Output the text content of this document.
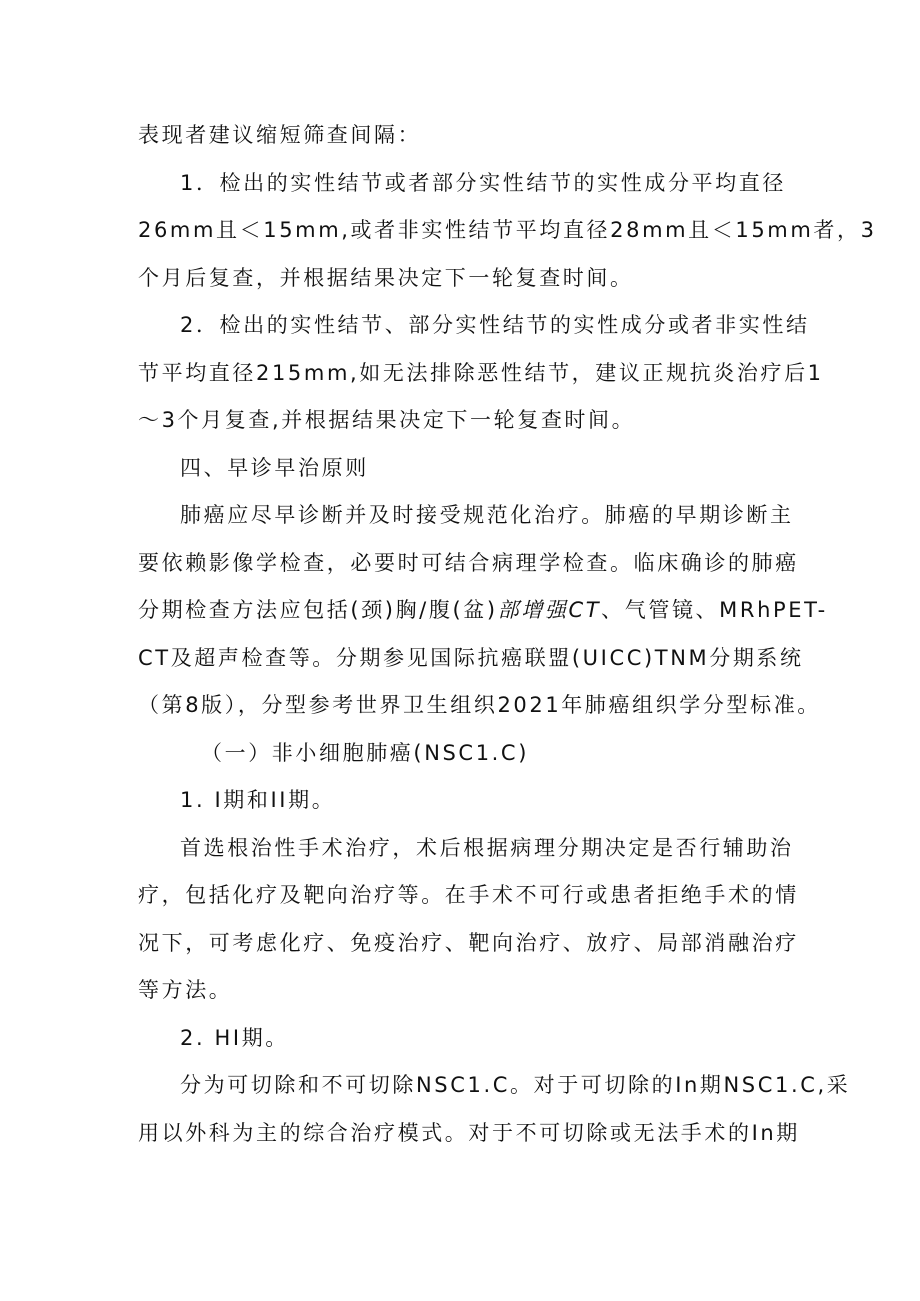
表现者建议缩短筛查间隔：
1．检出的实性结节或者部分实性结节的实性成分平均直径
26mm且＜15mm,或者非实性结节平均直径28mm且＜15mm者，3
个月后复查，并根据结果决定下一轮复查时间。
2．检出的实性结节、部分实性结节的实性成分或者非实性结
节平均直径215mm,如无法排除恶性结节，建议正规抗炎治疗后1
〜3个月复查,并根据结果决定下一轮复查时间。
四、早诊早治原则
肺癌应尽早诊断并及时接受规范化治疗。肺癌的早期诊断主
要依赖影像学检查，必要时可结合病理学检查。临床确诊的肺癌
分期检查方法应包括(颈)胸/腹(盆)部增强CT、气管镜、MRhPET-
CT及超声检查等。分期参见国际抗癌联盟(UICC)TNM分期系统
（第8版），分型参考世界卫生组织2021年肺癌组织学分型标准。
（一）非小细胞肺癌(NSC1.C)
1. I期和II期。
首选根治性手术治疗，术后根据病理分期决定是否行辅助治
疗，包括化疗及靶向治疗等。在手术不可行或患者拒绝手术的情
况下，可考虑化疗、免疫治疗、靶向治疗、放疗、局部消融治疗
等方法。
2. HI期。
分为可切除和不可切除NSC1.C。对于可切除的In期NSC1.C,采
用以外科为主的综合治疗模式。对于不可切除或无法手术的In期
